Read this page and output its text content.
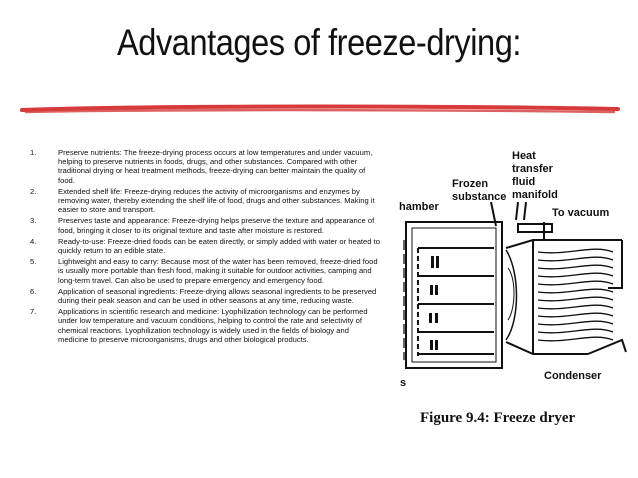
Advantages of freeze-drying:
1.	Preserve nutrients: The freeze-drying process occurs at low temperatures and under vacuum, helping to preserve nutrients in foods, drugs, and other substances. Compared with other traditional drying or heat treatment methods, freeze-drying can better maintain the quality of food.
2.	Extended shelf life: Freeze-drying reduces the activity of microorganisms and enzymes by removing water, thereby extending the shelf life of food, drugs and other substances. Making it easier to store and transport.
3.	Preserves taste and appearance: Freeze-drying helps preserve the texture and appearance of food, bringing it closer to its original texture and taste after moisture is restored.
4.	Ready-to-use: Freeze-dried foods can be eaten directly, or simply added with water or heated to quickly return to an edible state.
5.	Lightweight and easy to carry: Because most of the water has been removed, freeze-dried food is usually more portable than fresh food, making it suitable for outdoor activities, camping and long-term travel. Can also be used to prepare emergency and emergency food.
6.	Application of seasonal ingredients: Freeze-drying allows seasonal ingredients to be preserved during their peak season and can be used in other seasons at any time, reducing waste.
7.	Applications in scientific research and medicine: Lyophilization technology can be performed under low temperature and vacuum conditions, helping to control the rate and selectivity of chemical reactions. Lyophilization technology is widely used in the fields of biology and medicine to preserve microorganisms, drugs and other biological products.
Heat
transfer
fluid
manifold
Frozen
substance
hamber	To vacuum
Condenser
s
Figure 9.4: Freeze dryer
